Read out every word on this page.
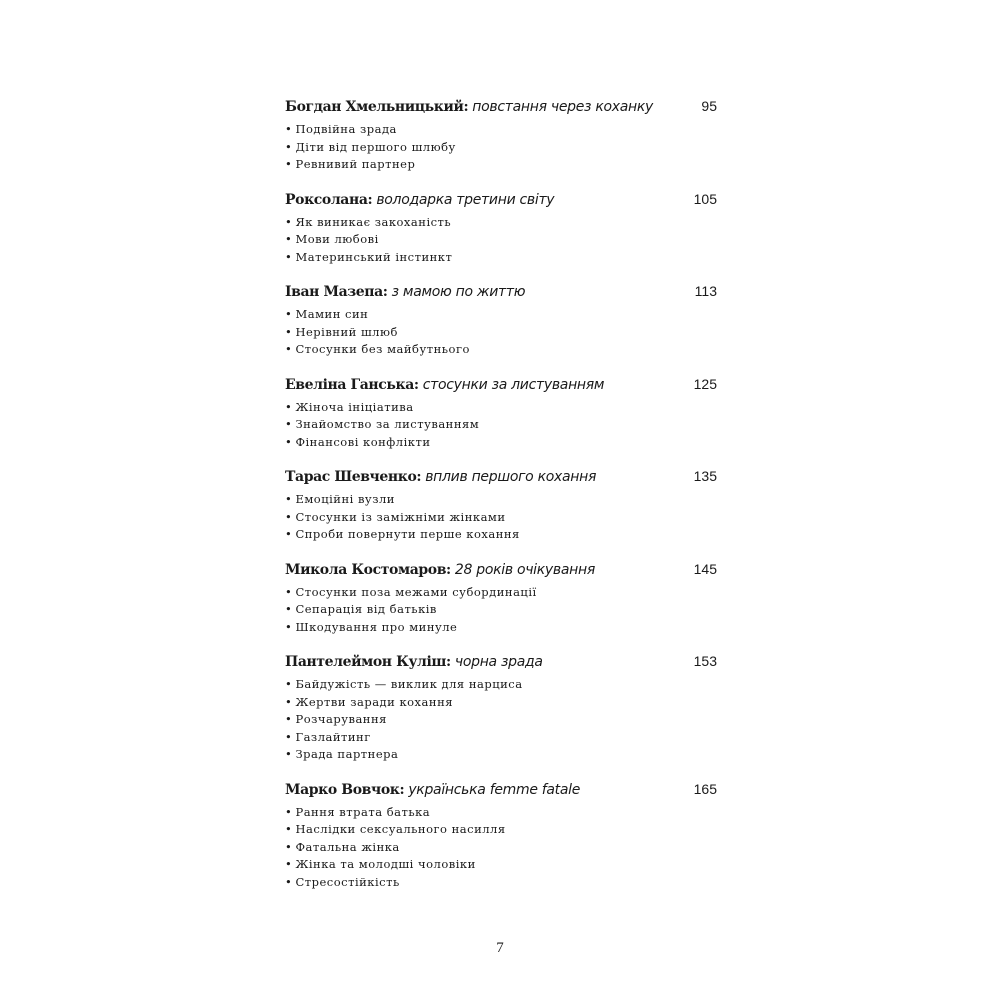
Богдан Хмельницький: повстання через коханку	95
• Подвійна зрада
• Діти від першого шлюбу
• Ревнивий партнер
Роксолана: володарка третини світу	105
• Як виникає закоханість
• Мови любові
• Материнський інстинкт
Іван Мазепа: з мамою по життю	113
• Мамин син
• Нерівний шлюб
• Стосунки без майбутнього
Евеліна Ганська: стосунки за листуванням	125
• Жіноча ініціатива
• Знайомство за листуванням
• Фінансові конфлікти
Тарас Шевченко: вплив першого кохання	135
• Емоційні вузли
• Стосунки із заміжніми жінками
• Спроби повернути перше кохання
Микола Костомаров: 28 років очікування	145
• Стосунки поза межами субординації
• Сепарація від батьків
• Шкодування про минуле
Пантелеймон Куліш: чорна зрада	153
• Байдужість — виклик для нарциса
• Жертви заради кохання
• Розчарування
• Газлайтинг
• Зрада партнера
Марко Вовчок: українська femme fatale	165
• Рання втрата батька
• Наслідки сексуального насилля
• Фатальна жінка
• Жінка та молодші чоловіки
• Стресостійкість
7
